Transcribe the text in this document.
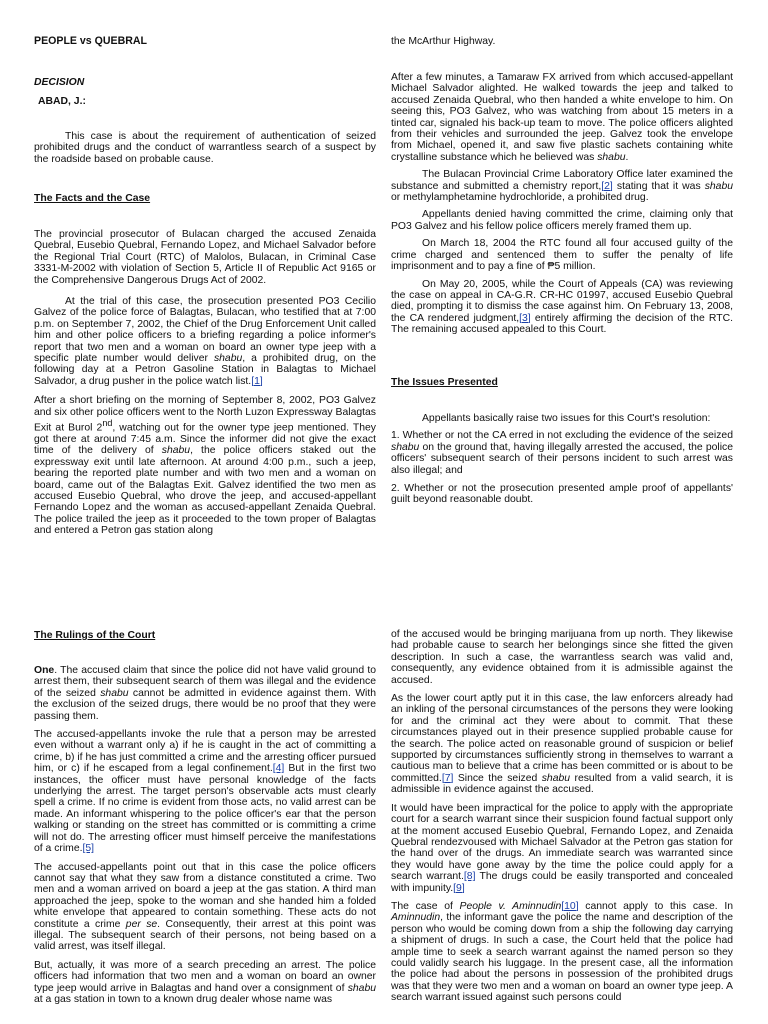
PEOPLE vs QUEBRAL
DECISION
ABAD, J.:

This case is about the requirement of authentication of seized prohibited drugs and the conduct of warrantless search of a suspect by the roadside based on probable cause.

The Facts and the Case

The provincial prosecutor of Bulacan charged the accused Zenaida Quebral, Eusebio Quebral, Fernando Lopez, and Michael Salvador before the Regional Trial Court (RTC) of Malolos, Bulacan, in Criminal Case 3331-M-2002 with violation of Section 5, Article II of Republic Act 9165 or the Comprehensive Dangerous Drugs Act of 2002.

At the trial of this case, the prosecution presented PO3 Cecilio Galvez of the police force of Balagtas, Bulacan, who testified that at 7:00 p.m. on September 7, 2002, the Chief of the Drug Enforcement Unit called him and other police officers to a briefing regarding a police informer's report that two men and a woman on board an owner type jeep with a specific plate number would deliver shabu, a prohibited drug, on the following day at a Petron Gasoline Station in Balagtas to Michael Salvador, a drug pusher in the police watch list.[1]

After a short briefing on the morning of September 8, 2002, PO3 Galvez and six other police officers went to the North Luzon Expressway Balagtas Exit at Burol 2nd, watching out for the owner type jeep mentioned. They got there at around 7:45 a.m. Since the informer did not give the exact time of the delivery of shabu, the police officers staked out the expressway exit until late afternoon. At around 4:00 p.m., such a jeep, bearing the reported plate number and with two men and a woman on board, came out of the Balagtas Exit. Galvez identified the two men as accused Eusebio Quebral, who drove the jeep, and accused-appellant Fernando Lopez and the woman as accused-appellant Zenaida Quebral. The police trailed the jeep as it proceeded to the town proper of Balagtas and entered a Petron gas station along

the McArthur Highway.

After a few minutes, a Tamaraw FX arrived from which accused-appellant Michael Salvador alighted. He walked towards the jeep and talked to accused Zenaida Quebral, who then handed a white envelope to him. On seeing this, PO3 Galvez, who was watching from about 15 meters in a tinted car, signaled his back-up team to move. The police officers alighted from their vehicles and surrounded the jeep. Galvez took the envelope from Michael, opened it, and saw five plastic sachets containing white crystalline substance which he believed was shabu.

The Bulacan Provincial Crime Laboratory Office later examined the substance and submitted a chemistry report,[2] stating that it was shabu or methylamphetamine hydrochloride, a prohibited drug.

Appellants denied having committed the crime, claiming only that PO3 Galvez and his fellow police officers merely framed them up.

On March 18, 2004 the RTC found all four accused guilty of the crime charged and sentenced them to suffer the penalty of life imprisonment and to pay a fine of ₱5 million.

On May 20, 2005, while the Court of Appeals (CA) was reviewing the case on appeal in CA-G.R. CR-HC 01997, accused Eusebio Quebral died, prompting it to dismiss the case against him. On February 13, 2008, the CA rendered judgment,[3] entirely affirming the decision of the RTC. The remaining accused appealed to this Court.

The Issues Presented

Appellants basically raise two issues for this Court's resolution:

1. Whether or not the CA erred in not excluding the evidence of the seized shabu on the ground that, having illegally arrested the accused, the police officers' subsequent search of their persons incident to such arrest was also illegal; and

2. Whether or not the prosecution presented ample proof of appellants' guilt beyond reasonable doubt.

The Rulings of the Court

One. The accused claim that since the police did not have valid ground to arrest them, their subsequent search of them was illegal and the evidence of the seized shabu cannot be admitted in evidence against them. With the exclusion of the seized drugs, there would be no proof that they were passing them.

The accused-appellants invoke the rule that a person may be arrested even without a warrant only a) if he is caught in the act of committing a crime, b) if he has just committed a crime and the arresting officer pursued him, or c) if he escaped from a legal confinement.[4] But in the first two instances, the officer must have personal knowledge of the facts underlying the arrest. The target person's observable acts must clearly spell a crime. If no crime is evident from those acts, no valid arrest can be made. An informant whispering to the police officer's ear that the person walking or standing on the street has committed or is committing a crime will not do. The arresting officer must himself perceive the manifestations of a crime.[5]

The accused-appellants point out that in this case the police officers cannot say that what they saw from a distance constituted a crime. Two men and a woman arrived on board a jeep at the gas station. A third man approached the jeep, spoke to the woman and she handed him a folded white envelope that appeared to contain something. These acts do not constitute a crime per se. Consequently, their arrest at this point was illegal. The subsequent search of their persons, not being based on a valid arrest, was itself illegal.

But, actually, it was more of a search preceding an arrest. The police officers had information that two men and a woman on board an owner type jeep would arrive in Balagtas and hand over a consignment of shabu at a gas station in town to a known drug dealer whose name was

of the accused would be bringing marijuana from up north. They likewise had probable cause to search her belongings since she fitted the given description. In such a case, the warrantless search was valid and, consequently, any evidence obtained from it is admissible against the accused.

As the lower court aptly put it in this case, the law enforcers already had an inkling of the personal circumstances of the persons they were looking for and the criminal act they were about to commit. That these circumstances played out in their presence supplied probable cause for the search. The police acted on reasonable ground of suspicion or belief supported by circumstances sufficiently strong in themselves to warrant a cautious man to believe that a crime has been committed or is about to be committed.[7] Since the seized shabu resulted from a valid search, it is admissible in evidence against the accused.

It would have been impractical for the police to apply with the appropriate court for a search warrant since their suspicion found factual support only at the moment accused Eusebio Quebral, Fernando Lopez, and Zenaida Quebral rendezvoused with Michael Salvador at the Petron gas station for the hand over of the drugs. An immediate search was warranted since they would have gone away by the time the police could apply for a search warrant.[8] The drugs could be easily transported and concealed with impunity.[9]

The case of People v. Aminnudin[10] cannot apply to this case. In Aminnudin, the informant gave the police the name and description of the person who would be coming down from a ship the following day carrying a shipment of drugs. In such a case, the Court held that the police had ample time to seek a search warrant against the named person so they could validly search his luggage. In the present case, all the information the police had about the persons in possession of the prohibited drugs was that they were two men and a woman on board an owner type jeep. A search warrant issued against such persons could
